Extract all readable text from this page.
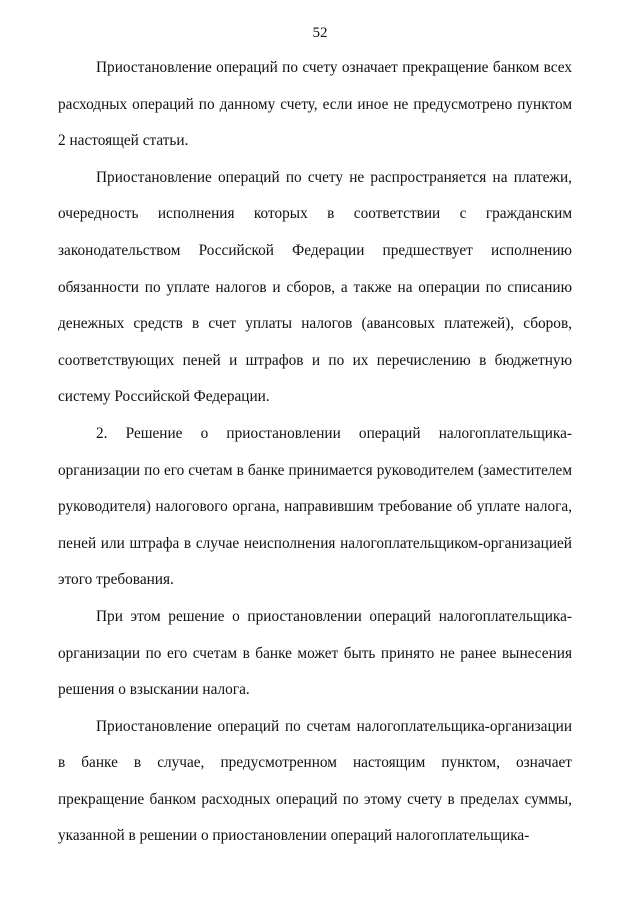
52

Приостановление операций по счету означает прекращение банком всех расходных операций по данному счету, если иное не предусмотрено пунктом 2 настоящей статьи.

Приостановление операций по счету не распространяется на платежи, очередность исполнения которых в соответствии с гражданским законодательством Российской Федерации предшествует исполнению обязанности по уплате налогов и сборов, а также на операции по списанию денежных средств в счет уплаты налогов (авансовых платежей), сборов, соответствующих пеней и штрафов и по их перечислению в бюджетную систему Российской Федерации.

2. Решение о приостановлении операций налогоплательщика-организации по его счетам в банке принимается руководителем (заместителем руководителя) налогового органа, направившим требование об уплате налога, пеней или штрафа в случае неисполнения налогоплательщиком-организацией этого требования.

При этом решение о приостановлении операций налогоплательщика-организации по его счетам в банке может быть принято не ранее вынесения решения о взыскании налога.

Приостановление операций по счетам налогоплательщика-организации в банке в случае, предусмотренном настоящим пунктом, означает прекращение банком расходных операций по этому счету в пределах суммы, указанной в решении о приостановлении операций налогоплательщика-
